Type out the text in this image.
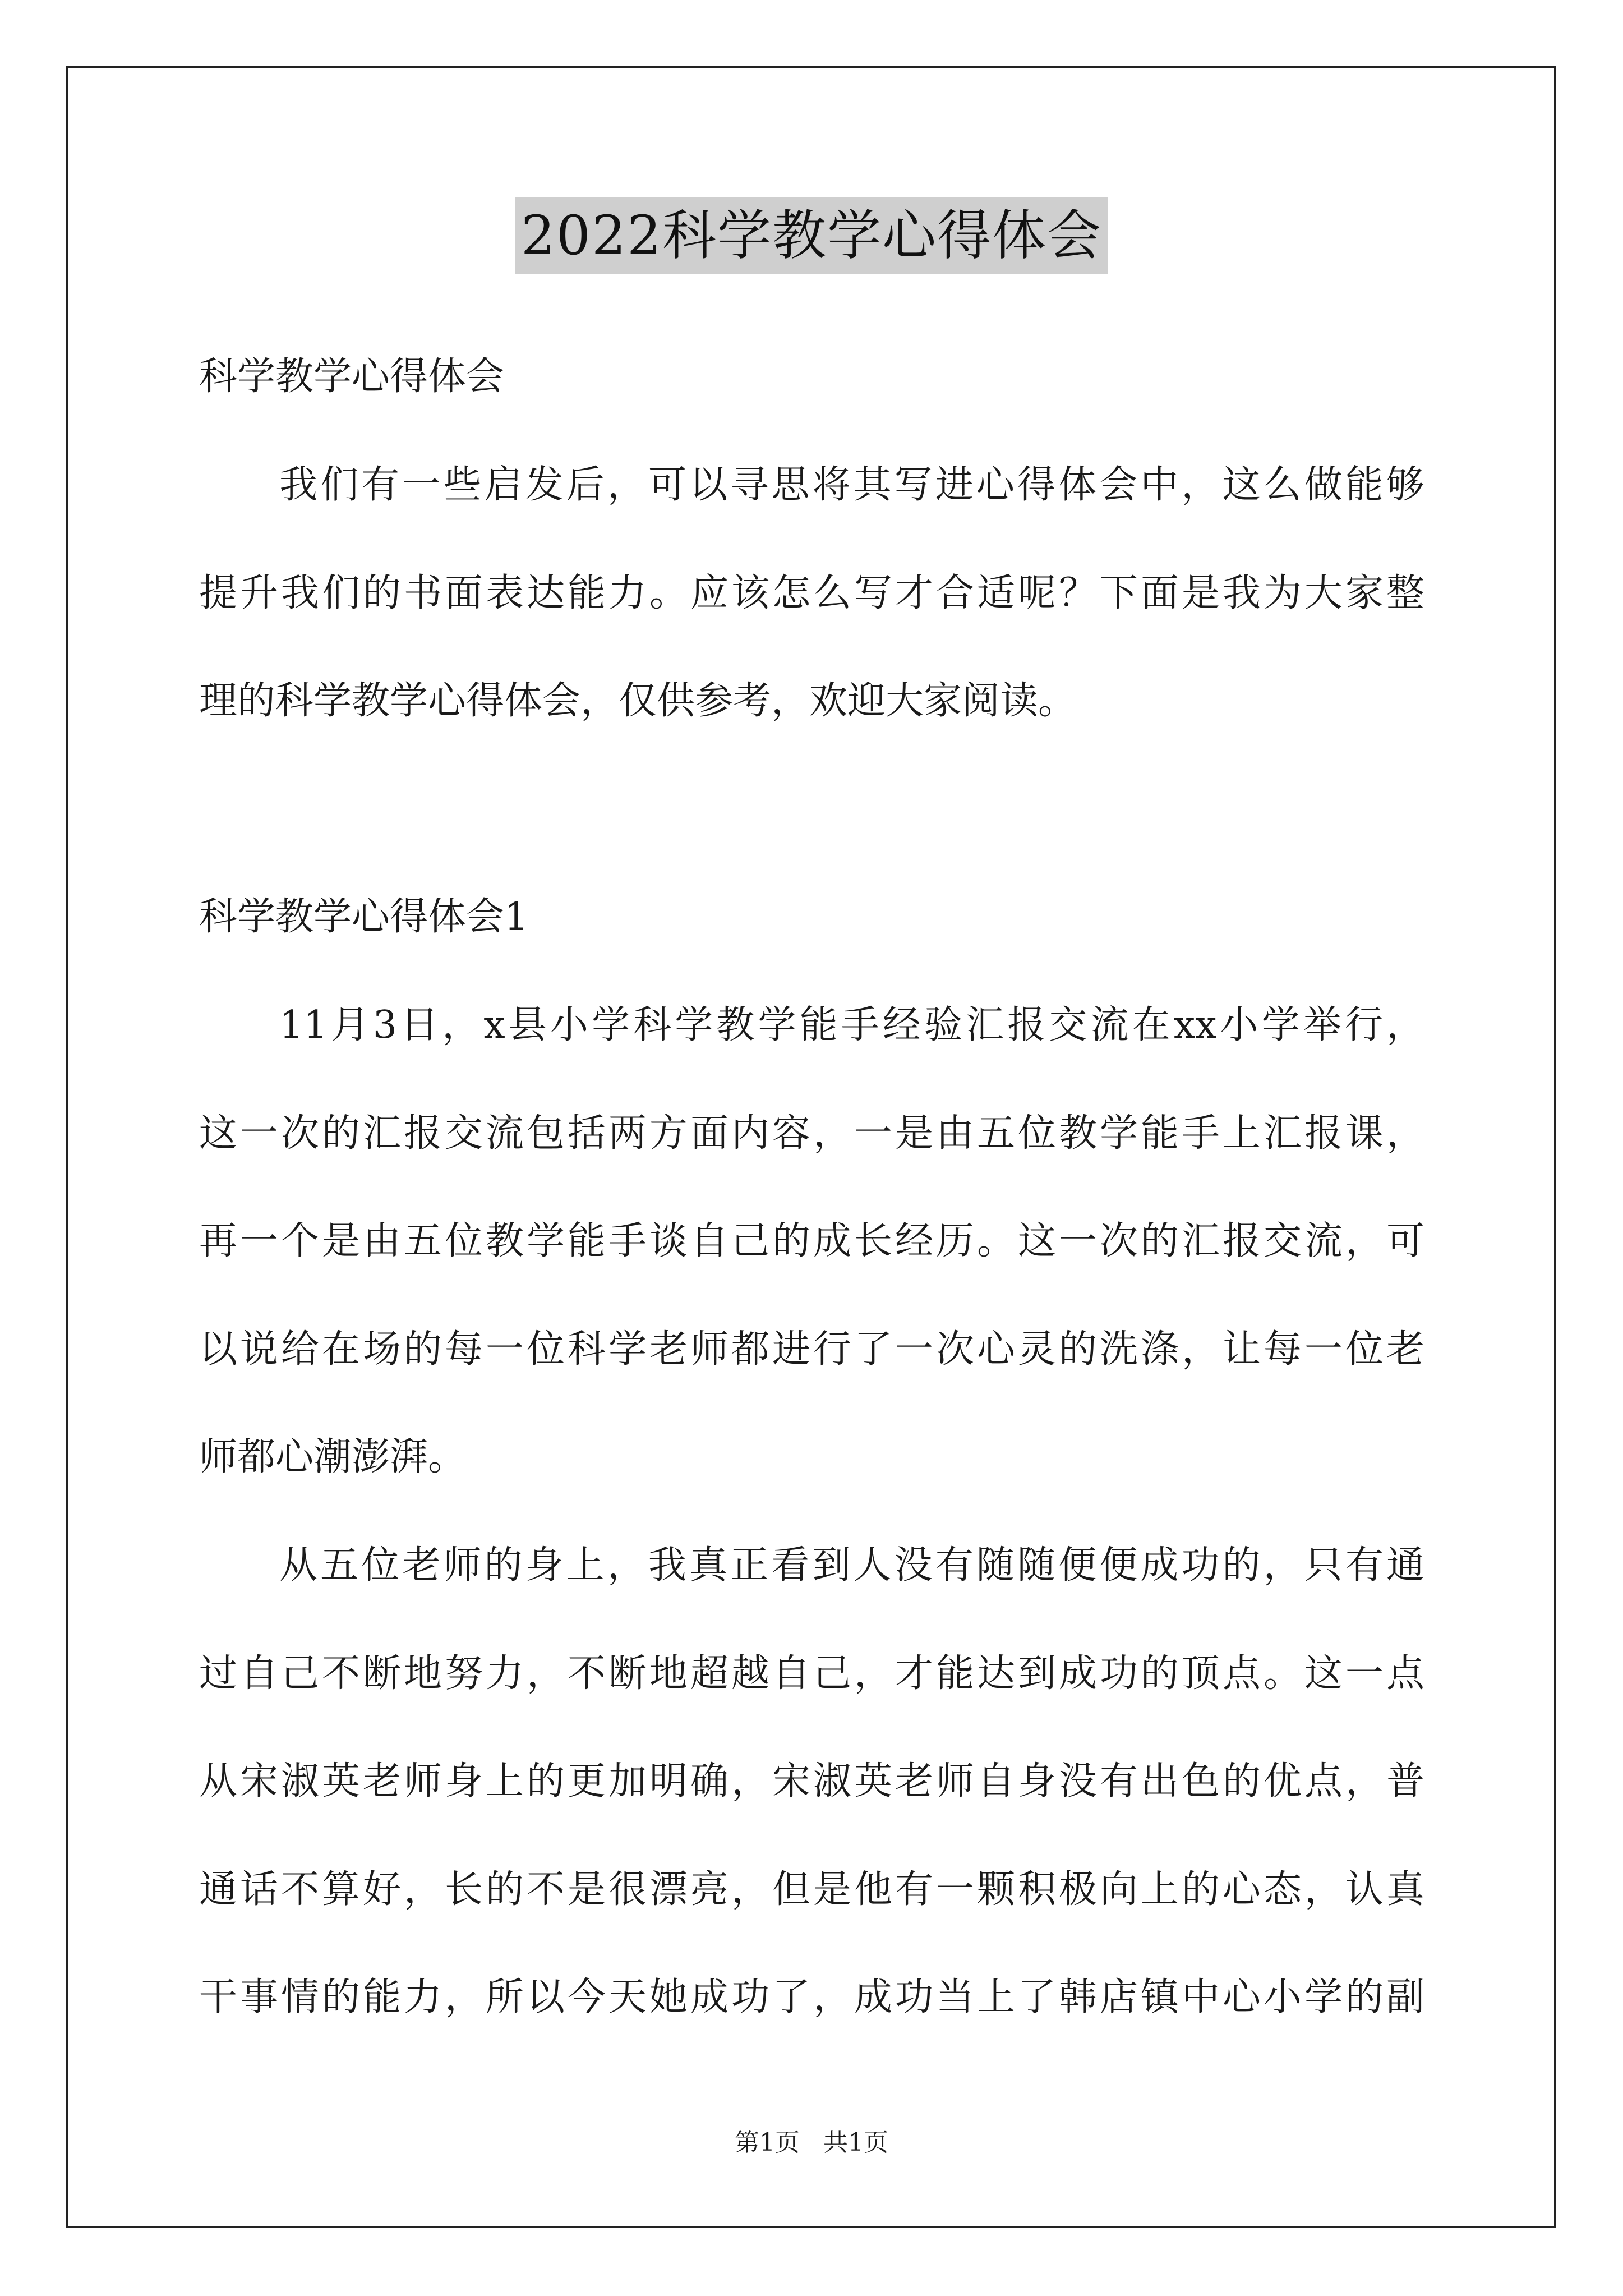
2022科学教学心得体会
科学教学心得体会
我们有一些启发后，可以寻思将其写进心得体会中，这么做能够
提升我们的书面表达能力。应该怎么写才合适呢？下面是我为大家整
理的科学教学心得体会，仅供参考，欢迎大家阅读。
科学教学心得体会1
11月3日，x县小学科学教学能手经验汇报交流在xx小学举行，
这一次的汇报交流包括两方面内容，一是由五位教学能手上汇报课，
再一个是由五位教学能手谈自己的成长经历。这一次的汇报交流，可
以说给在场的每一位科学老师都进行了一次心灵的洗涤，让每一位老
师都心潮澎湃。
从五位老师的身上，我真正看到人没有随随便便成功的，只有通
过自己不断地努力，不断地超越自己，才能达到成功的顶点。这一点
从宋淑英老师身上的更加明确，宋淑英老师自身没有出色的优点，普
通话不算好，长的不是很漂亮，但是他有一颗积极向上的心态，认真
干事情的能力，所以今天她成功了，成功当上了韩店镇中心小学的副
第1页 共1页
